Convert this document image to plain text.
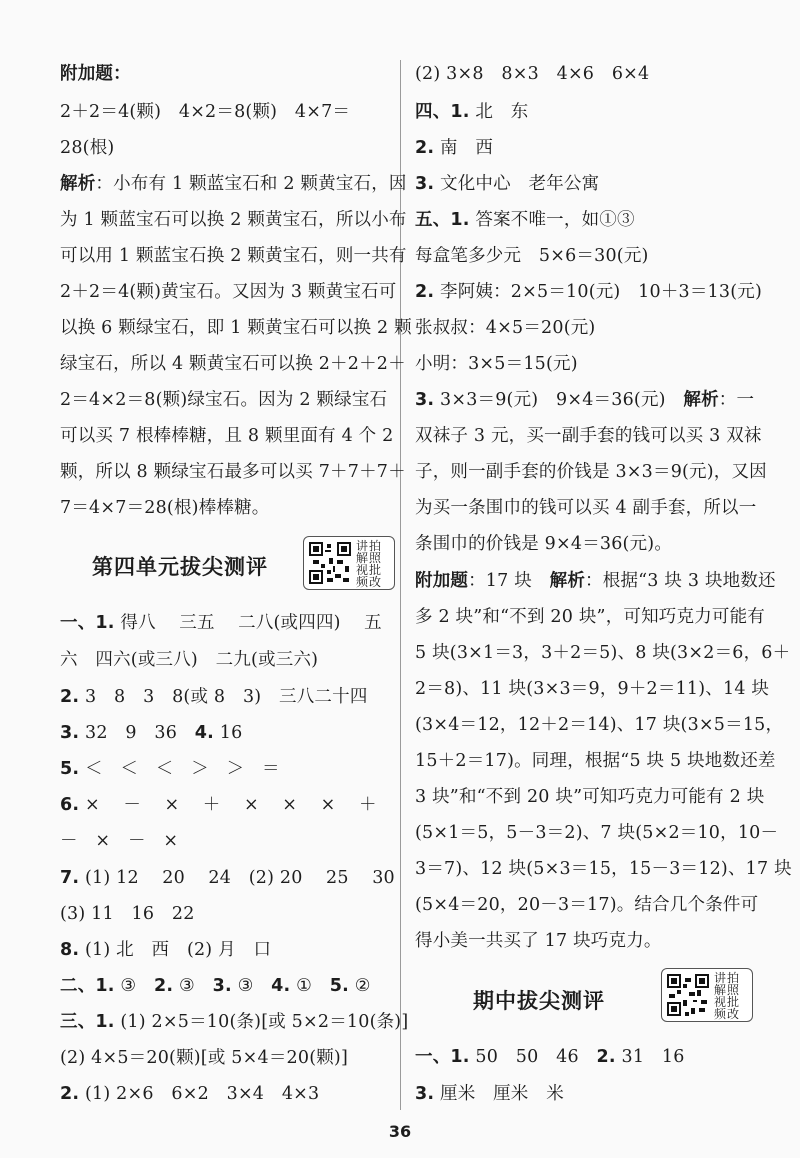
附加题：
2＋2＝4(颗)　4×2＝8(颗)　4×7＝
28(根)
解析：小布有 1 颗蓝宝石和 2 颗黄宝石，因
为 1 颗蓝宝石可以换 2 颗黄宝石，所以小布
可以用 1 颗蓝宝石换 2 颗黄宝石，则一共有
2＋2＝4(颗)黄宝石。又因为 3 颗黄宝石可
以换 6 颗绿宝石，即 1 颗黄宝石可以换 2 颗
绿宝石，所以 4 颗黄宝石可以换 2＋2＋2＋
2＝4×2＝8(颗)绿宝石。因为 2 颗绿宝石
可以买 7 根棒棒糖，且 8 颗里面有 4 个 2
颗，所以 8 颗绿宝石最多可以买 7＋7＋7＋
7＝4×7＝28(根)棒棒糖。
第四单元拔尖测评
讲拍解照视批频改
一、1. 得八　 三五　 二八(或四四)　 五
六　四六(或三八)　二九(或三六)
2. 3　8　3　8(或 8　3)　三八二十四
3. 32　9　36　4. 16
5. ＜　＜　＜　＞　＞　＝
6. ×　 －　 ×　 ＋　 ×　 ×　 ×　 ＋
－　×　－　×
7. (1) 12　 20　 24　(2) 20　 25　 30
(3) 11　16　22
8. (1) 北　西　(2) 月　口
二、1. ③　2. ③　3. ③　4. ①　5. ②
三、1. (1) 2×5＝10(条)[或 5×2＝10(条)]
(2) 4×5＝20(颗)[或 5×4＝20(颗)]
2. (1) 2×6　6×2　3×4　4×3
(2) 3×8　8×3　4×6　6×4
四、1. 北　东
2. 南　西
3. 文化中心　老年公寓
五、1. 答案不唯一，如①③
每盒笔多少元　5×6＝30(元)
2. 李阿姨：2×5＝10(元)　10＋3＝13(元)
张叔叔：4×5＝20(元)
小明：3×5＝15(元)
3. 3×3＝9(元)　9×4＝36(元)　解析：一
双袜子 3 元，买一副手套的钱可以买 3 双袜
子，则一副手套的价钱是 3×3＝9(元)，又因
为买一条围巾的钱可以买 4 副手套，所以一
条围巾的价钱是 9×4＝36(元)。
附加题：17 块　解析：根据“3 块 3 块地数还
多 2 块”和“不到 20 块”，可知巧克力可能有
5 块(3×1＝3，3＋2＝5)、8 块(3×2＝6，6＋
2＝8)、11 块(3×3＝9，9＋2＝11)、14 块
(3×4＝12，12＋2＝14)、17 块(3×5＝15，
15＋2＝17)。同理，根据“5 块 5 块地数还差
3 块”和“不到 20 块”可知巧克力可能有 2 块
(5×1＝5，5－3＝2)、7 块(5×2＝10，10－
3＝7)、12 块(5×3＝15，15－3＝12)、17 块
(5×4＝20，20－3＝17)。结合几个条件可
得小美一共买了 17 块巧克力。
期中拔尖测评
讲拍解照视批频改
一、1. 50　50　46　2. 31　16
3. 厘米　厘米　米
36
